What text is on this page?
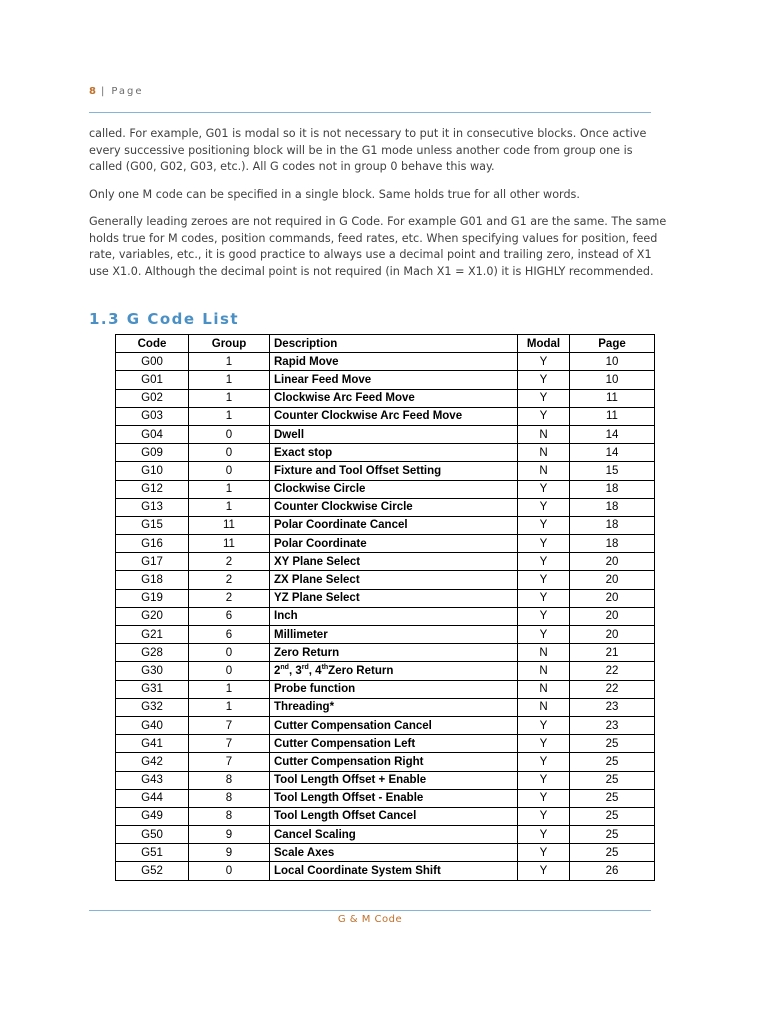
8 | Page

called. For example, G01 is modal so it is not necessary to put it in consecutive blocks. Once active every successive positioning block will be in the G1 mode unless another code from group one is called (G00, G02, G03, etc.). All G codes not in group 0 behave this way.

Only one M code can be specified in a single block. Same holds true for all other words.

Generally leading zeroes are not required in G Code. For example G01 and G1 are the same. The same holds true for M codes, position commands, feed rates, etc. When specifying values for position, feed rate, variables, etc., it is good practice to always use a decimal point and trailing zero, instead of X1 use X1.0. Although the decimal point is not required (in Mach X1 = X1.0) it is HIGHLY recommended.

1.3 G Code List
Code	Group	Description	Modal	Page
G00	1	Rapid Move	Y	10
G01	1	Linear Feed Move	Y	10
G02	1	Clockwise Arc Feed Move	Y	11
G03	1	Counter Clockwise Arc Feed Move	Y	11
G04	0	Dwell	N	14
G09	0	Exact stop	N	14
G10	0	Fixture and Tool Offset Setting	N	15
G12	1	Clockwise Circle	Y	18
G13	1	Counter Clockwise Circle	Y	18
G15	11	Polar Coordinate Cancel	Y	18
G16	11	Polar Coordinate	Y	18
G17	2	XY Plane Select	Y	20
G18	2	ZX Plane Select	Y	20
G19	2	YZ Plane Select	Y	20
G20	6	Inch	Y	20
G21	6	Millimeter	Y	20
G28	0	Zero Return	N	21
G30	0	2nd, 3rd, 4thZero Return	N	22
G31	1	Probe function	N	22
G32	1	Threading*	N	23
G40	7	Cutter Compensation Cancel	Y	23
G41	7	Cutter Compensation Left	Y	25
G42	7	Cutter Compensation Right	Y	25
G43	8	Tool Length Offset + Enable	Y	25
G44	8	Tool Length Offset - Enable	Y	25
G49	8	Tool Length Offset Cancel	Y	25
G50	9	Cancel Scaling	Y	25
G51	9	Scale Axes	Y	25
G52	0	Local Coordinate System Shift	Y	26
G & M Code
